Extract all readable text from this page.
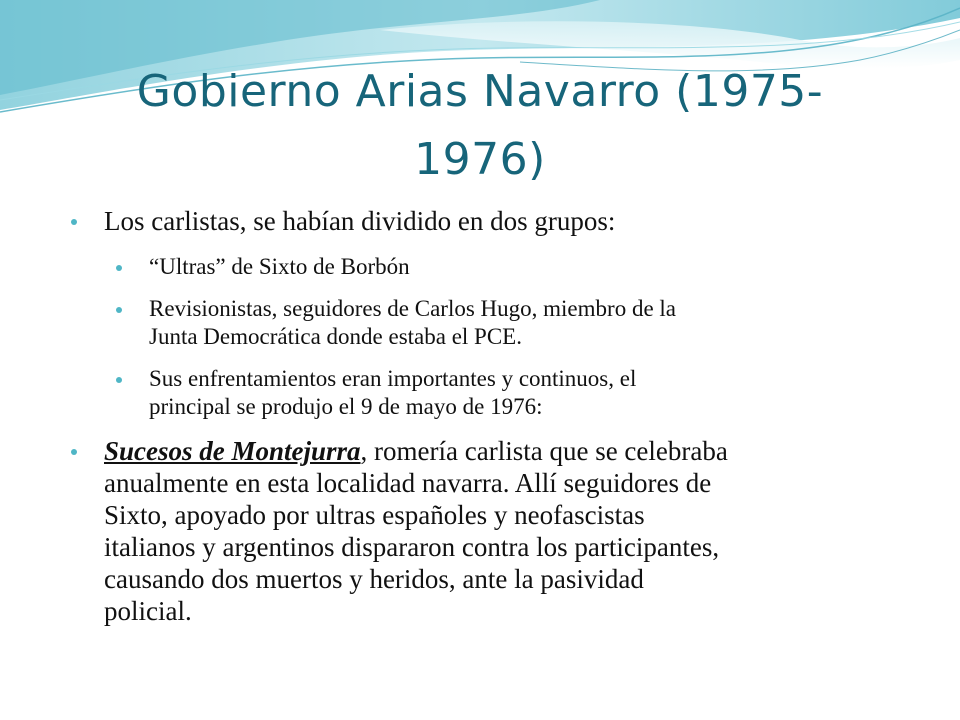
Gobierno Arias Navarro (1975-
1976)
Los carlistas, se habían dividido en dos grupos:
“Ultras” de Sixto de Borbón
Revisionistas, seguidores de Carlos Hugo, miembro de la
Junta Democrática donde estaba el PCE.
Sus enfrentamientos eran importantes y continuos, el
principal se produjo el 9 de mayo de 1976:
Sucesos de Montejurra, romería carlista que se celebraba
anualmente en esta localidad navarra. Allí seguidores de
Sixto, apoyado por ultras españoles y neofascistas
italianos y argentinos dispararon contra los participantes,
causando dos muertos y heridos, ante la pasividad
policial.
